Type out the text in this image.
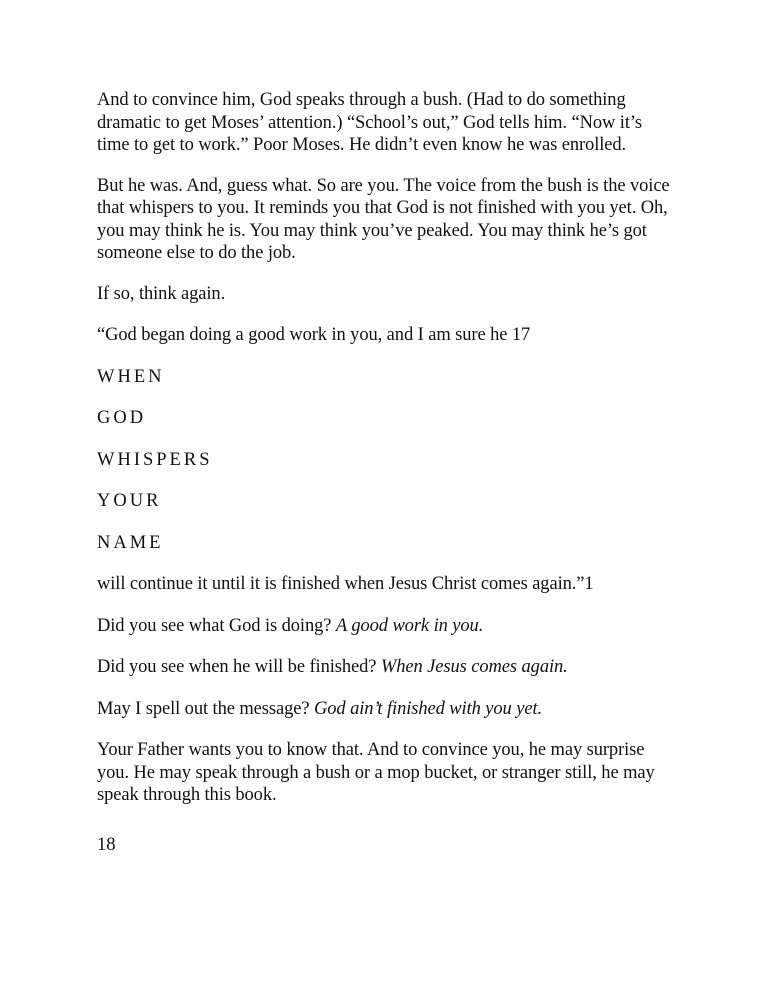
And to convince him, God speaks through a bush. (Had to do something dramatic to get Moses’ attention.) “School’s out,” God tells him. “Now it’s time to get to work.” Poor Moses. He didn’t even know he was enrolled.

But he was. And, guess what. So are you. The voice from the bush is the voice that whispers to you. It reminds you that God is not finished with you yet. Oh, you may think he is. You may think you’ve peaked. You may think he’s got someone else to do the job.

If so, think again.

“God began doing a good work in you, and I am sure he 17

WHEN

GOD

WHISPERS

YOUR

NAME

will continue it until it is finished when Jesus Christ comes again.”1

Did you see what God is doing? A good work in you.

Did you see when he will be finished? When Jesus comes again.

May I spell out the message? God ain’t finished with you yet.

Your Father wants you to know that. And to convince you, he may surprise you. He may speak through a bush or a mop bucket, or stranger still, he may speak through this book.

18
